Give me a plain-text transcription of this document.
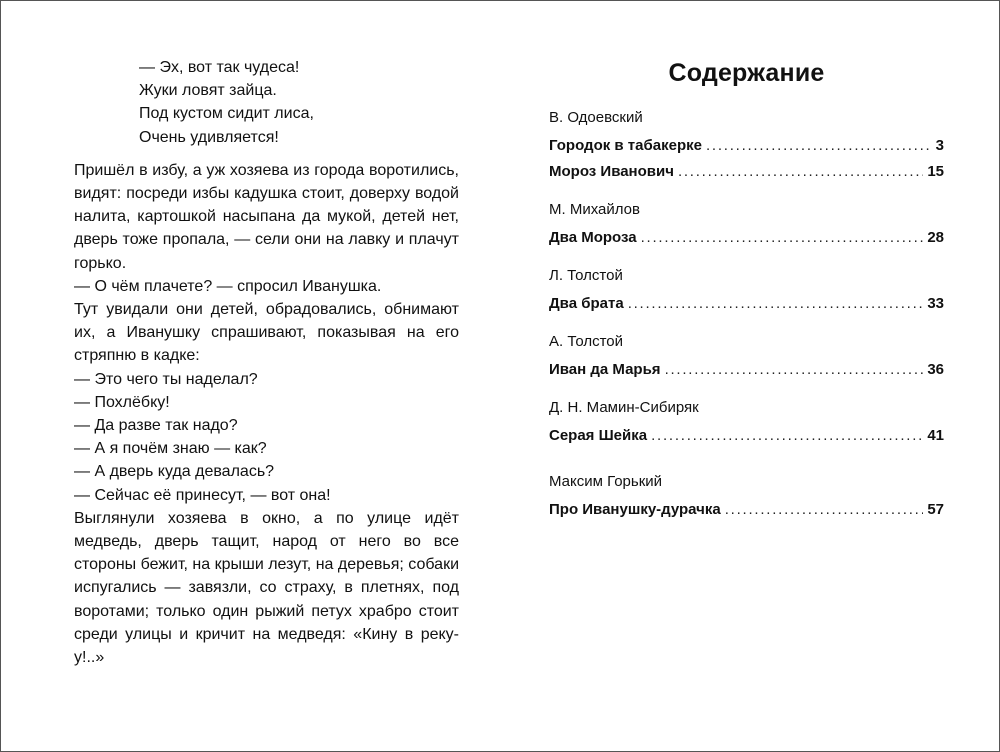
— Эх, вот так чудеса!
Жуки ловят зайца.
Под кустом сидит лиса,
Очень удивляется!

Пришёл в избу, а уж хозяева из города воротились, видят: посреди избы кадушка стоит, доверху водой налита, картошкой насыпана да мукой, детей нет, дверь тоже пропала, — сели они на лавку и плачут горько.

— О чём плачете? — спросил Иванушка.

Тут увидали они детей, обрадовались, обнимают их, а Иванушку спрашивают, показывая на его стряпню в кадке:

— Это чего ты наделал?

— Похлёбку!

— Да разве так надо?

— А я почём знаю — как?

— А дверь куда девалась?

— Сейчас её принесут, — вот она!

Выглянули хозяева в окно, а по улице идёт медведь, дверь тащит, народ от него во все стороны бежит, на крыши лезут, на деревья; собаки испугались — завязли, со страху, в плетнях, под воротами; только один рыжий петух храбро стоит среди улицы и кричит на медведя: «Кину в реку-у!..»

Содержание
В. Одоевский
Городок в табакерке . . .	3
Мороз Иванович . . .	15
М. Михайлов
Два Мороза . . .	28
Л. Толстой
Два брата . . .	33
А. Толстой
Иван да Марья . . .	36
Д. Н. Мамин-Сибиряк
Серая Шейка . . .	41
Максим Горький
Про Иванушку-дурачка . . .	57
